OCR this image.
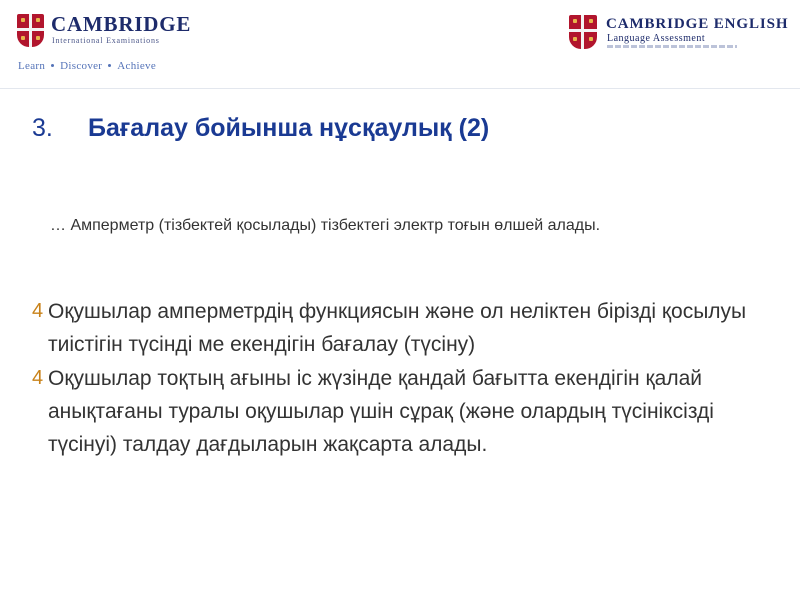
CAMBRIDGE
International Examinations
Learn Discover Achieve
CAMBRIDGE ENGLISH
Language Assessment
3. Бағалау бойынша нұсқаулық (2)
… Амперметр (тізбектей қосылады) тізбектегі электр тоғын өлшей алады.
4 Оқушылар амперметрдің функциясын және ол неліктен бірізді қосылуы тиістігін түсінді ме екендігін бағалау (түсіну)
4 Оқушылар тоқтың ағыны іс жүзінде қандай бағытта екендігін қалай анықтағаны туралы оқушылар үшін сұрақ (және олардың түсініксізді түсінуі) талдау дағдыларын жақсарта алады.
